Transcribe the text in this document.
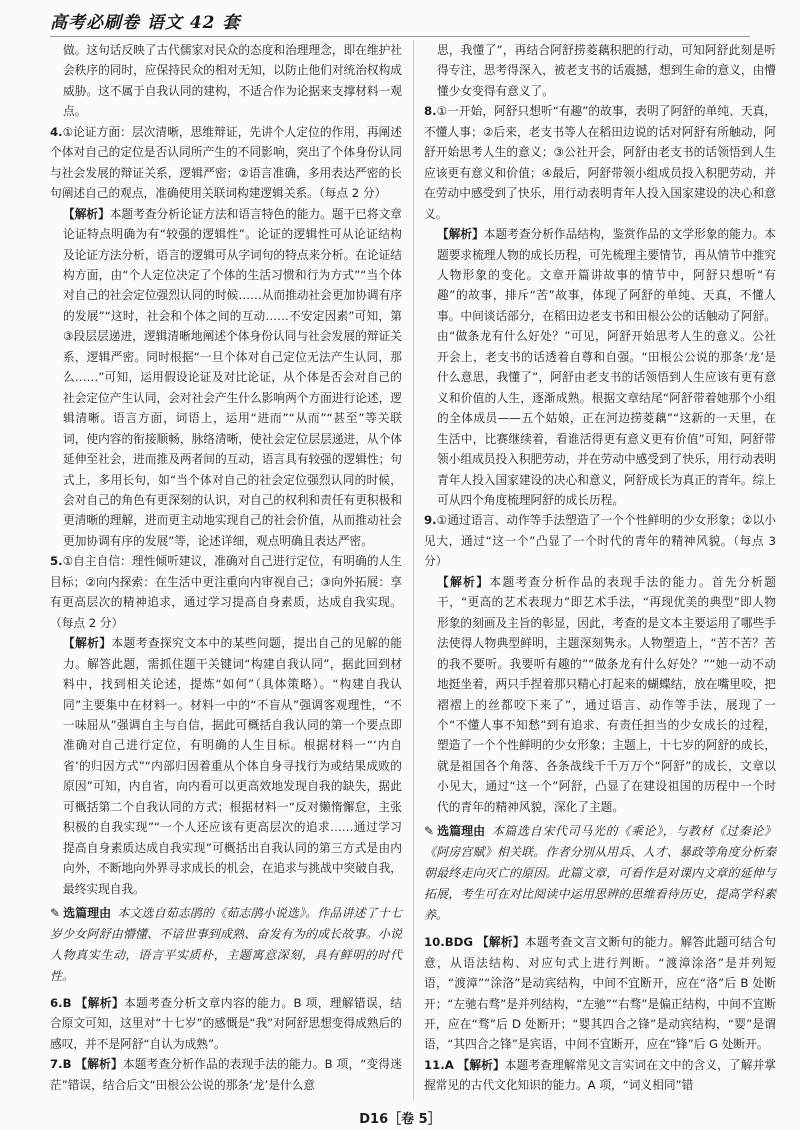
高考必刷卷 语文 42 套

做。这句话反映了古代儒家对民众的态度和治理理念，即在维护社会秩序的同时，应保持民众的相对无知，以防止他们对统治权构成威胁。这不属于自我认同的建构，不适合作为论据来支撑材料一观点。

4.①论证方面：层次清晰，思维辩证，先讲个人定位的作用，再阐述个体对自己的定位是否认同所产生的不同影响，突出了个体身份认同与社会发展的辩证关系，逻辑严密；②语言准确，多用表达严密的长句阐述自己的观点，准确使用关联词构建逻辑关系。（每点 2 分）

【解析】本题考查分析论证方法和语言特色的能力。题干已将文章论证特点明确为有“较强的逻辑性”。论证的逻辑性可从论证结构及论证方法分析，语言的逻辑可从字词句的特点来分析。在论证结构方面，由“个人定位决定了个体的生活习惯和行为方式”“当个体对自己的社会定位强烈认同的时候……从而推动社会更加协调有序的发展”“这时，社会和个体之间的互动……不安定因素”可知，第③段层层递进，逻辑清晰地阐述个体身份认同与社会发展的辩证关系，逻辑严密。同时根据“一旦个体对自己定位无法产生认同，那么……”可知，运用假设论证及对比论证，从个体是否会对自己的社会定位产生认同，会对社会产生什么影响两个方面进行论述，逻辑清晰。语言方面，词语上，运用“进而”“从而”“甚至”等关联词，使内容的衔接顺畅，脉络清晰，使社会定位层层递进，从个体延伸至社会，进而推及两者间的互动，语言具有较强的逻辑性；句式上，多用长句，如“当个体对自己的社会定位强烈认同的时候，会对自己的角色有更深刻的认识，对自己的权利和责任有更积极和更清晰的理解，进而更主动地实现自己的社会价值，从而推动社会更加协调有序的发展”等，论述详细，观点明确且表达严密。

5.①自主自信：理性倾听建议，准确对自己进行定位，有明确的人生目标；②向内探索：在生活中更注重向内审视自己；③向外拓展：享有更高层次的精神追求，通过学习提高自身素质，达成自我实现。（每点 2 分）

【解析】本题考查探究文本中的某些问题，提出自己的见解的能力。解答此题，需抓住题干关键词“构建自我认同”，据此回到材料中，找到相关论述，提炼“如何”（具体策略）。“构建自我认同”主要集中在材料一。材料一中的“不盲从”强调客观理性，“不一味屈从”强调自主与自信，据此可概括自我认同的第一个要点即准确对自己进行定位，有明确的人生目标。根据材料一“‘内自省’的归因方式”“内部归因着重从个体自身寻找行为或结果成败的原因”可知，内自省，向内看可以更高效地发现自我的缺失，据此可概括第二个自我认同的方式；根据材料一“反对懒惰懈怠，主张积极的自我实现”“一个人还应该有更高层次的追求……通过学习提高自身素质达成自我实现”可概括出自我认同的第三方式是由内向外，不断地向外界寻求成长的机会，在追求与挑战中突破自我，最终实现自我。

✎ 选篇理由 本文选自茹志鹃的《茹志鹃小说选》。作品讲述了十七岁少女阿舒由懵懂、不谙世事到成熟、奋发有为的成长故事。小说人物真实生动，语言平实质朴，主题寓意深刻，具有鲜明的时代性。

6.B 【解析】本题考查分析文章内容的能力。B 项，理解错误，结合原文可知，这里对“十七岁”的感慨是“我”对阿舒思想变得成熟后的感叹，并不是阿舒“自认为成熟”。

7.B 【解析】本题考查分析作品的表现手法的能力。B 项，“变得迷茫”错误，结合后文“田根公公说的那条‘龙’是什么意

思，我懂了”，再结合阿舒捞菱藕积肥的行动，可知阿舒此刻是听得专注，思考得深入，被老支书的话震撼，想到生命的意义，由懵懂少女变得有意义了。

8.①一开始，阿舒只想听“有趣”的故事，表明了阿舒的单纯、天真，不懂人事；②后来，老支书等人在稻田边说的话对阿舒有所触动，阿舒开始思考人生的意义；③公社开会，阿舒由老支书的话领悟到人生应该更有意义和价值；④最后，阿舒带领小组成员投入积肥劳动，并在劳动中感受到了快乐，用行动表明青年人投入国家建设的决心和意义。

【解析】本题考查分析作品结构，鉴赏作品的文学形象的能力。本题要求梳理人物的成长历程，可先梳理主要情节，再从情节中推究人物形象的变化。文章开篇讲故事的情节中，阿舒只想听“有趣”的故事，排斥“苦”故事，体现了阿舒的单纯、天真，不懂人事。中间谈话部分，在稻田边老支书和田根公公的话触动了阿舒。由“做条龙有什么好处？”可见，阿舒开始思考人生的意义。公社开会上，老支书的话透着自尊和自强。“田根公公说的那条‘龙’是什么意思，我懂了”，阿舒由老支书的话领悟到人生应该有更有意义和价值的人生，逐渐成熟。根据文章结尾“阿舒带着她那个小组的全体成员——五个姑娘，正在河边捞菱藕”“这新的一天里，在生活中，比赛继续着，看谁活得更有意义更有价值”可知，阿舒带领小组成员投入积肥劳动，并在劳动中感受到了快乐，用行动表明青年人投入国家建设的决心和意义，阿舒成长为真正的青年。综上可从四个角度梳理阿舒的成长历程。

9.①通过语言、动作等手法塑造了一个个性鲜明的少女形象；②以小见大，通过“这一个”凸显了一个时代的青年的精神风貌。（每点 3 分）

【解析】本题考查分析作品的表现手法的能力。首先分析题干，“更高的艺术表现力”即艺术手法，“再现优美的典型”即人物形象的刻画及主旨的彰显，因此，考查的是文本主要运用了哪些手法使得人物典型鲜明，主题深刻隽永。人物塑造上，“苦不苦？苦的我不要听。我要听有趣的”“做条龙有什么好处？”“她一动不动地挺坐着，两只手捏着那只精心打起来的蝴蝶结，放在嘴里咬，把褶褶上的丝都咬下来了”，通过语言、动作等手法，展现了一个“不懂人事不知愁”到有追求、有责任担当的少女成长的过程，塑造了一个个性鲜明的少女形象；主题上，十七岁的阿舒的成长，就是祖国各个角落、各条战线千千万万个“阿舒”的成长，文章以小见大，通过“这一个”阿舒，凸显了在建设祖国的历程中一个时代的青年的精神风貌，深化了主题。

✎ 选篇理由 本篇选自宋代司马光的《乘论》，与教材《过秦论》《阿房宫赋》相关联。作者分别从用兵、人才、暴政等角度分析秦朝最终走向灭亡的原因。此篇文章，可看作是对课内文章的延伸与拓展，考生可在对比阅读中运用思辨的思维看待历史，提高学科素养。

10.BDG 【解析】本题考查文言文断句的能力。解答此题可结合句意，从语法结构、对应句式上进行判断。“渡漳涂洛”是并列短语，“渡漳”“涂洛”是动宾结构，中间不宜断开，应在“洛”后 B 处断开；“左驰右骛”是并列结构，“左驰”“右骛”是偏正结构，中间不宜断开，应在“骛”后 D 处断开；“婴其四合之锋”是动宾结构，“婴”是谓语，“其四合之锋”是宾语，中间不宜断开，应在“锋”后 G 处断开。

11.A 【解析】本题考查理解常见文言实词在文中的含义，了解并掌握常见的古代文化知识的能力。A 项，“词义相同”错

D16［卷 5］
